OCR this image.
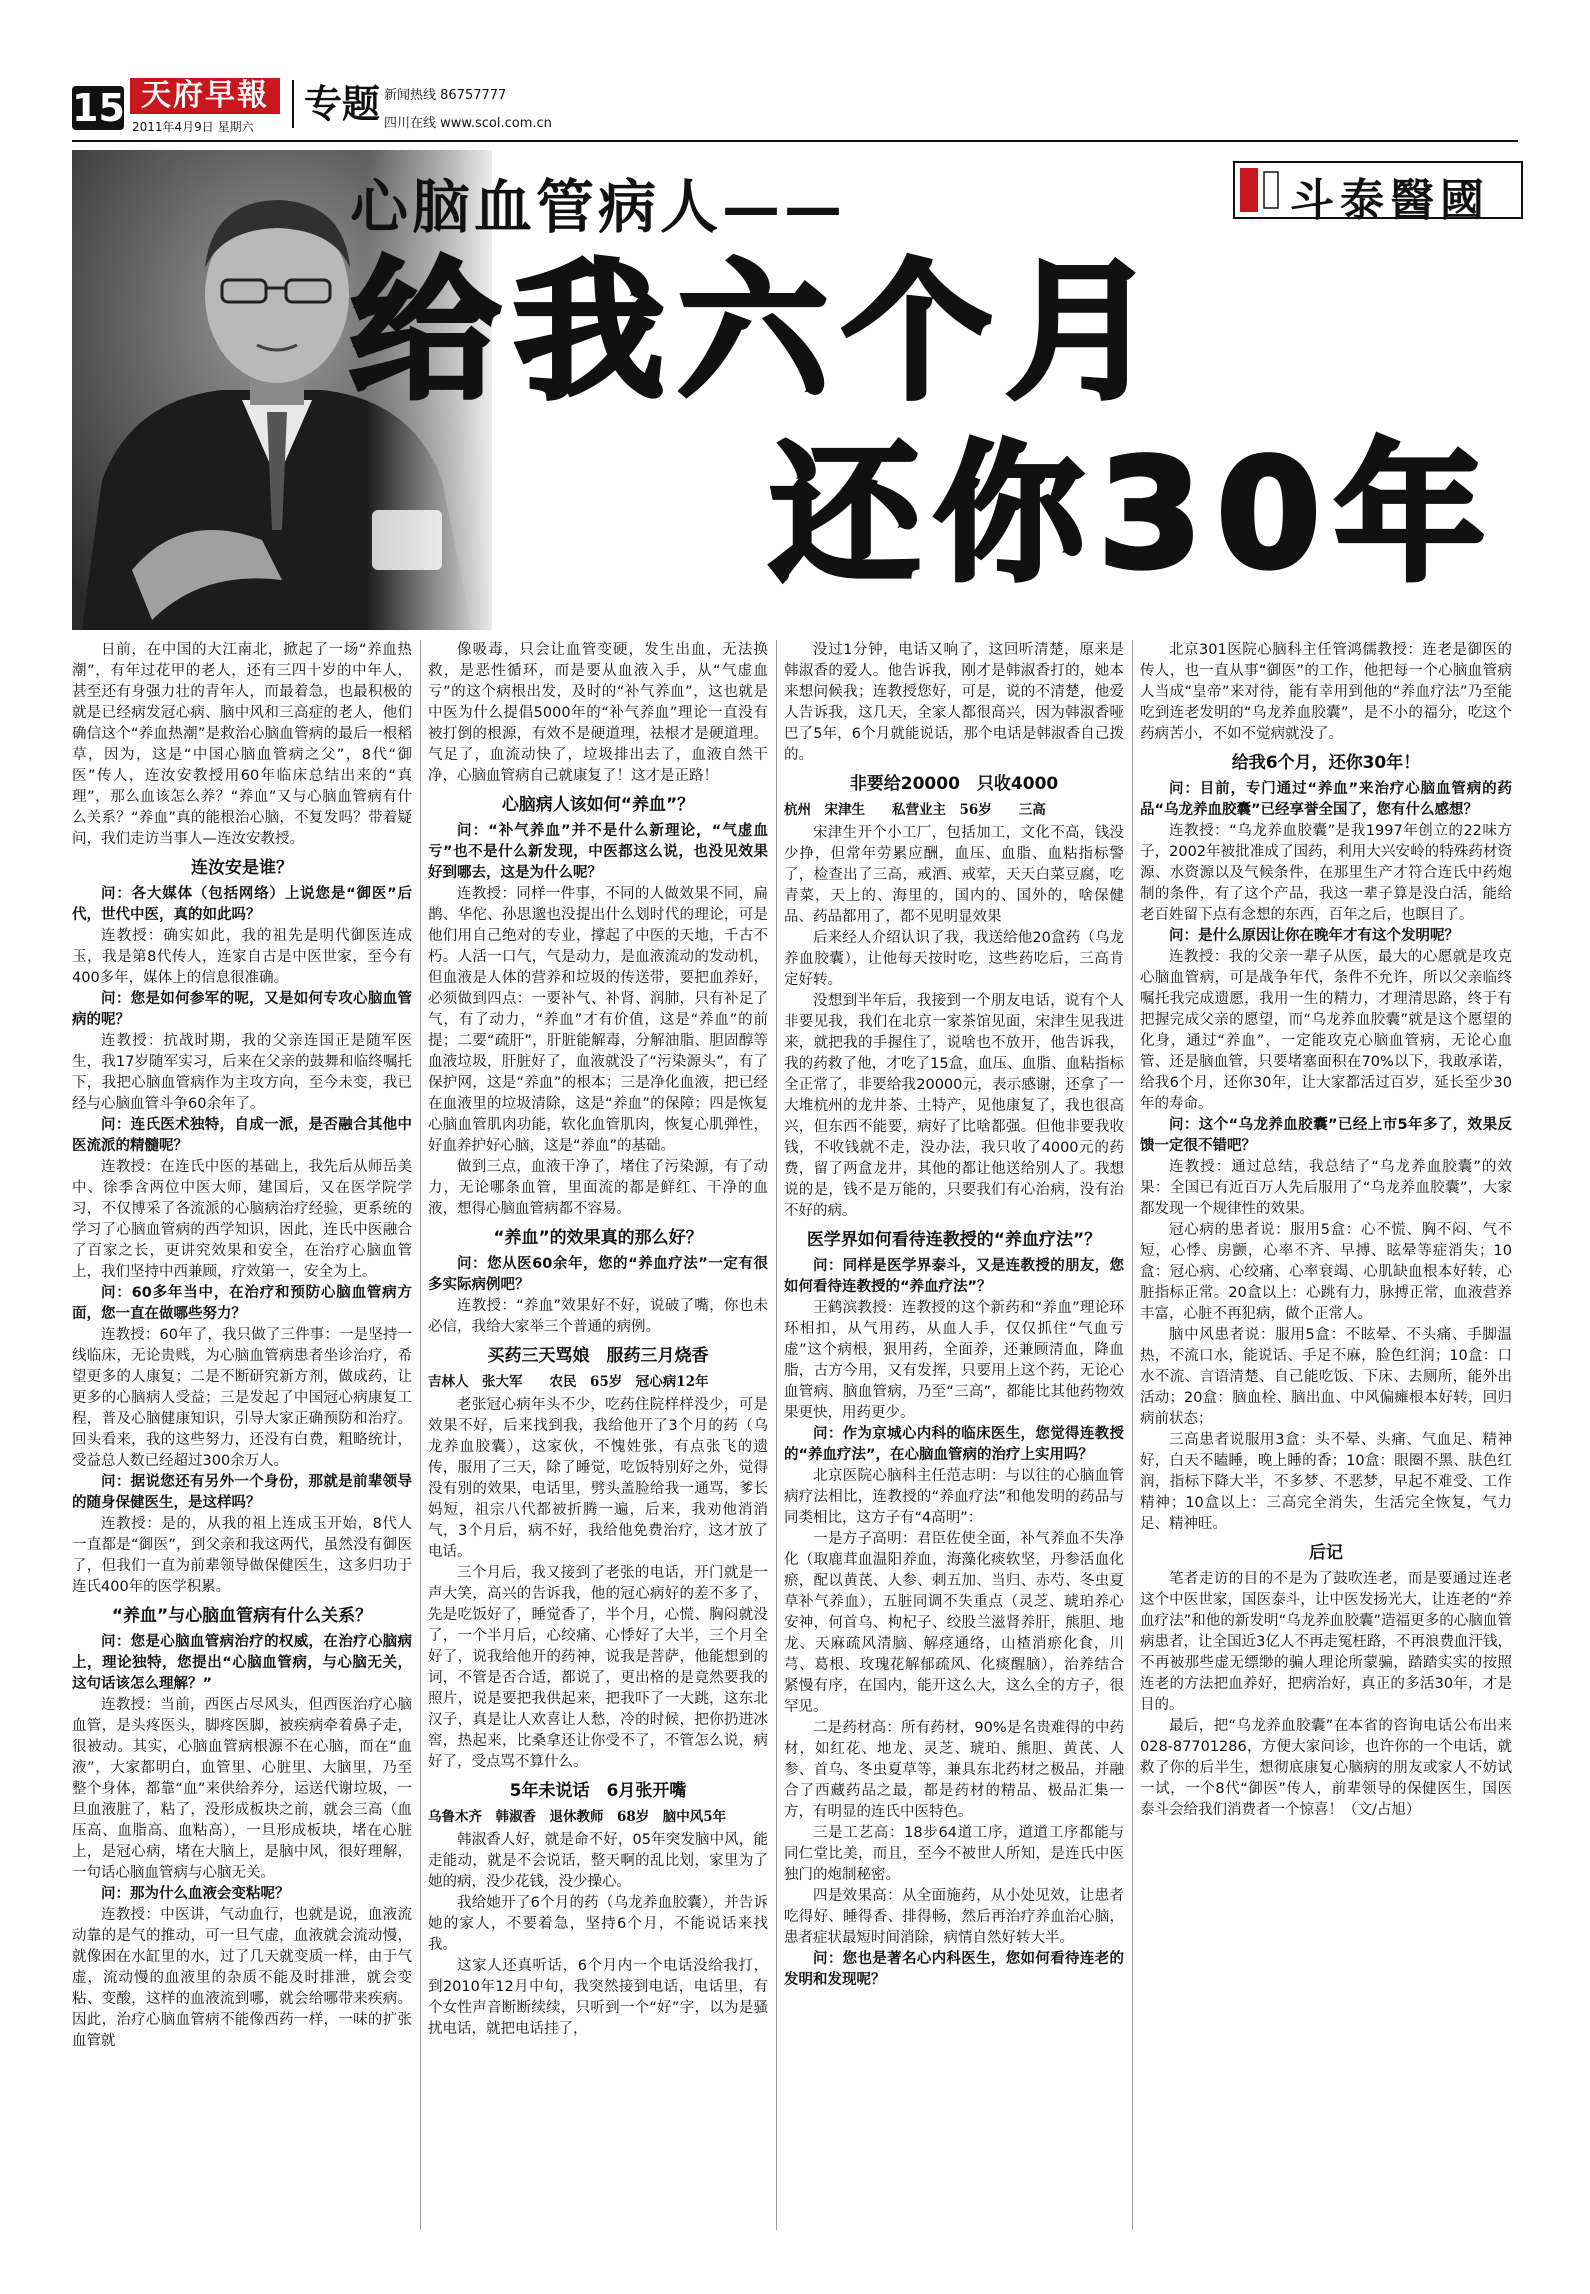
15 天府早報
2011年4月9日 星期六
专题 新闻热线 86757777
四川在线 www.scol.com.cn
心脑血管病人——
给我六个月
还你30年
斗泰醫國

日前，在中国的大江南北，掀起了一场“养血热潮”，有年过花甲的老人，还有三四十岁的中年人，甚至还有身强力壮的青年人，而最着急，也最积极的就是已经病发冠心病、脑中风和三高症的老人，他们确信这个“养血热潮”是救治心脑血管病的最后一根稻草，因为，这是“中国心脑血管病之父”，8代“御医”传人，连汝安教授用60年临床总结出来的“真理”，那么血该怎么养？“养血”又与心脑血管病有什么关系？“养血”真的能根治心脑，不复发吗？带着疑问，我们走访当事人—连汝安教授。

连汝安是谁？

问：各大媒体（包括网络）上说您是“御医”后代，世代中医，真的如此吗？

连教授：确实如此，我的祖先是明代御医连成玉，我是第8代传人，连家自古是中医世家，至今有400多年，媒体上的信息很准确。

问：您是如何参军的呢，又是如何专攻心脑血管病的呢？

连教授：抗战时期，我的父亲连国正是随军医生，我17岁随军实习，后来在父亲的鼓舞和临终嘱托下，我把心脑血管病作为主攻方向，至今未变，我已经与心脑血管斗争60余年了。

问：连氏医术独特，自成一派，是否融合其他中医流派的精髓呢？

连教授：在连氏中医的基础上，我先后从师岳美中、徐季含两位中医大师，建国后，又在医学院学习，不仅博采了各流派的心脑病治疗经验，更系统的学习了心脑血管病的西学知识，因此，连氏中医融合了百家之长，更讲究效果和安全，在治疗心脑血管上，我们坚持中西兼顾，疗效第一，安全为上。

问：60多年当中，在治疗和预防心脑血管病方面，您一直在做哪些努力？

连教授：60年了，我只做了三件事：一是坚持一线临床，无论贵贱，为心脑血管病患者坐诊治疗，希望更多的人康复；二是不断研究新方剂，做成药，让更多的心脑病人受益；三是发起了中国冠心病康复工程，普及心脑健康知识，引导大家正确预防和治疗。回头看来，我的这些努力，还没有白费，粗略统计，受益总人数已经超过300余万人。

问：据说您还有另外一个身份，那就是前辈领导的随身保健医生，是这样吗？

连教授：是的，从我的祖上连成玉开始，8代人一直都是“御医”，到父亲和我这两代，虽然没有御医了，但我们一直为前辈领导做保健医生，这多归功于连氏400年的医学积累。

“养血”与心脑血管病有什么关系？

问：您是心脑血管病治疗的权威，在治疗心脑病上，理论独特，您提出“心脑血管病，与心脑无关，这句话该怎么理解？”

连教授：当前，西医占尽风头，但西医治疗心脑血管，是头疼医头，脚疼医脚，被疾病牵着鼻子走，很被动。其实，心脑血管病根源不在心脑，而在“血液”，大家都明白，血管里、心脏里、大脑里，乃至整个身体，都靠“血”来供给养分，运送代谢垃圾，一旦血液脏了，粘了，没形成板块之前，就会三高（血压高、血脂高、血粘高），一旦形成板块，堵在心脏上，是冠心病，堵在大脑上，是脑中风，很好理解，一句话心脑血管病与心脑无关。

问：那为什么血液会变粘呢？

连教授：中医讲，气动血行，也就是说，血液流动靠的是气的推动，可一旦气虚，血液就会流动慢，就像困在水缸里的水，过了几天就变质一样，由于气虚，流动慢的血液里的杂质不能及时排泄，就会变粘、变酸，这样的血液流到哪，就会给哪带来疾病。因此，治疗心脑血管病不能像西药一样，一味的扩张血管就

像吸毒，只会让血管变硬，发生出血，无法换救，是恶性循环，而是要从血液入手，从“气虚血亏”的这个病根出发，及时的“补气养血”，这也就是中医为什么提倡5000年的“补气养血”理论一直没有被打倒的根源，有效不是硬道理，祛根才是硬道理。气足了，血流动快了，垃圾排出去了，血液自然干净，心脑血管病自己就康复了！这才是正路！

心脑病人该如何“养血”？

问：“补气养血”并不是什么新理论，“气虚血亏”也不是什么新发现，中医都这么说，也没见效果好到哪去，这是为什么呢？

连教授：同样一件事，不同的人做效果不同，扁鹊、华佗、孙思邈也没提出什么划时代的理论，可是他们用自己绝对的专业，撑起了中医的天地，千古不朽。人活一口气，气是动力，是血液流动的发动机，但血液是人体的营养和垃圾的传送带，要把血养好，必须做到四点：一要补气、补肾、润肺，只有补足了气，有了动力，“养血”才有价值，这是“养血”的前提；二要“疏肝”，肝脏能解毒，分解油脂、胆固醇等血液垃圾，肝脏好了，血液就没了“污染源头”，有了保护网，这是“养血”的根本；三是净化血液，把已经在血液里的垃圾清除，这是“养血”的保障；四是恢复心脑血管肌肉功能，软化血管肌肉，恢复心肌弹性，好血养护好心脑，这是“养血”的基础。

做到三点，血液干净了，堵住了污染源，有了动力，无论哪条血管，里面流的都是鲜红、干净的血液，想得心脑血管病都不容易。

“养血”的效果真的那么好？

问：您从医60余年，您的“养血疗法”一定有很多实际病例吧？

连教授：“养血”效果好不好，说破了嘴，你也未必信，我给大家举三个普通的病例。

买药三天骂娘　服药三月烧香

吉林人　张大军　　农民　65岁　冠心病12年

老张冠心病年头不少，吃药住院样样没少，可是效果不好，后来找到我，我给他开了3个月的药（乌龙养血胶囊），这家伙，不愧姓张，有点张飞的遗传，服用了三天，除了睡觉，吃饭特别好之外，觉得没有别的效果，电话里，劈头盖脸给我一通骂，爹长妈短，祖宗八代都被折腾一遍，后来，我劝他消消气，3个月后，病不好，我给他免费治疗，这才放了电话。

三个月后，我又接到了老张的电话，开门就是一声大笑，高兴的告诉我，他的冠心病好的差不多了，先是吃饭好了，睡觉香了，半个月，心慌、胸闷就没了，一个半月后，心绞痛、心悸好了大半，三个月全好了，说我给他开的药神，说我是菩萨，他能想到的词，不管是否合适，都说了，更出格的是竟然要我的照片，说是要把我供起来，把我吓了一大跳，这东北汉子，真是让人欢喜让人愁，冷的时候，把你扔进冰窖，热起来，比桑拿还让你受不了，不管怎么说，病好了，受点骂不算什么。

5年未说话　6月张开嘴

乌鲁木齐　韩淑香　退休教师　68岁　脑中风5年

韩淑香人好，就是命不好，05年突发脑中风，能走能动，就是不会说话，整天啊的乱比划，家里为了她的病，没少花钱，没少操心。

我给她开了6个月的药（乌龙养血胶囊），并告诉她的家人，不要着急，坚持6个月，不能说话来找我。

这家人还真听话，6个月内一个电话没给我打，到2010年12月中旬，我突然接到电话，电话里，有个女性声音断断续续，只听到一个“好”字，以为是骚扰电话，就把电话挂了，

没过1分钟，电话又响了，这回听清楚，原来是韩淑香的爱人。他告诉我，刚才是韩淑香打的，她本来想问候我；连教授您好，可是，说的不清楚，他爱人告诉我，这几天，全家人都很高兴，因为韩淑香哑巴了5年，6个月就能说话，那个电话是韩淑香自己拨的。

非要给20000　只收4000

杭州　宋津生　　私营业主　56岁　　三高

宋津生开个小工厂，包括加工，文化不高，钱没少挣，但常年劳累应酬，血压、血脂、血粘指标警了，检查出了三高，戒酒、戒荤，天天白菜豆腐，吃青菜，天上的、海里的，国内的、国外的，啥保健品、药品都用了，都不见明显效果

后来经人介绍认识了我，我送给他20盒药（乌龙养血胶囊），让他每天按时吃，这些药吃后，三高肯定好转。

没想到半年后，我接到一个朋友电话，说有个人非要见我，我们在北京一家茶馆见面，宋津生见我进来，就把我的手握住了，说啥也不放开，他告诉我，我的药救了他，才吃了15盒，血压、血脂、血粘指标全正常了，非要给我20000元，表示感谢，还拿了一大堆杭州的龙井茶、土特产，见他康复了，我也很高兴，但东西不能要，病好了比啥都强。但他非要我收钱，不收钱就不走，没办法，我只收了4000元的药费，留了两盒龙井，其他的都让他送给别人了。我想说的是，钱不是万能的，只要我们有心治病，没有治不好的病。

医学界如何看待连教授的“养血疗法”？

问：同样是医学界泰斗，又是连教授的朋友，您如何看待连教授的“养血疗法”？

王鹤滨教授：连教授的这个新药和“养血”理论环环相扣，从气用药，从血人手，仅仅抓住“气血亏虚”这个病根，狠用药，全面养，还兼顾清血，降血脂，古方今用，又有发挥，只要用上这个药，无论心血管病、脑血管病，乃至“三高”，都能比其他药物效果更快，用药更少。

问：作为京城心内科的临床医生，您觉得连教授的“养血疗法”，在心脑血管病的治疗上实用吗？

北京医院心脑科主任范志明：与以往的心脑血管病疗法相比，连教授的“养血疗法”和他发明的药品与同类相比，这方子有“4高明”：

一是方子高明：君臣佐使全面，补气养血不失净化（取鹿茸血温阳养血，海藻化痰软坚，丹参活血化瘀，配以黄芪、人参、刺五加、当归、赤芍、冬虫夏草补气养血），五脏同调不失重点（灵芝、琥珀养心安神，何首乌、枸杞子、绞股兰滋肾养肝，熊胆、地龙、天麻疏风清脑、解痉通络，山楂消瘀化食，川芎、葛根、玫瑰花解郁疏风、化痰醒脑），治养结合紧慢有序，在国内，能开这么大，这么全的方子，很罕见。

二是药材高：所有药材，90%是名贵难得的中药材，如红花、地龙、灵芝、琥珀、熊胆、黄芪、人参、首乌、冬虫夏草等，兼具东北药材之极品，并融合了西藏药品之最，都是药材的精品、极品汇集一方，有明显的连氏中医特色。

三是工艺高：18步64道工序，道道工序都能与同仁堂比美，而且，至今不被世人所知，是连氏中医独门的炮制秘密。

四是效果高：从全面施药，从小处见效，让患者吃得好、睡得香、排得畅，然后再治疗养血治心脑，患者症状最短时间消除，病情自然好转大半。

问：您也是著名心内科医生，您如何看待连老的发明和发现呢？

北京301医院心脑科主任管鸿儒教授：连老是御医的传人，也一直从事“御医”的工作，他把每一个心脑血管病人当成“皇帝”来对待，能有幸用到他的“养血疗法”乃至能吃到连老发明的“乌龙养血胶囊”，是不小的福分，吃这个药病苦小，不如不觉病就没了。

给我6个月，还你30年！

问：目前，专门通过“养血”来治疗心脑血管病的药品“乌龙养血胶囊”已经享誉全国了，您有什么感想？

连教授：“乌龙养血胶囊”是我1997年创立的22味方子，2002年被批准成了国药，利用大兴安岭的特殊药材资源、水资源以及气候条件，在那里生产才符合连氏中药炮制的条件，有了这个产品，我这一辈子算是没白活，能给老百姓留下点有念想的东西，百年之后，也瞑目了。

问：是什么原因让你在晚年才有这个发明呢？

连教授：我的父亲一辈子从医，最大的心愿就是攻克心脑血管病，可是战争年代，条件不允许，所以父亲临终嘱托我完成遗愿，我用一生的精力，才理清思路，终于有把握完成父亲的愿望，而“乌龙养血胶囊”就是这个愿望的化身，通过“养血”，一定能攻克心脑血管病，无论心血管、还是脑血管，只要堵塞面积在70%以下，我敢承诺，给我6个月，还你30年，让大家都活过百岁，延长至少30年的寿命。

问：这个“乌龙养血胶囊”已经上市5年多了，效果反馈一定很不错吧？

连教授：通过总结，我总结了“乌龙养血胶囊”的效果：全国已有近百万人先后服用了“乌龙养血胶囊”，大家都发现一个规律性的效果。

冠心病的患者说：服用5盒：心不慌、胸不闷、气不短，心悸、房颤，心率不齐、早搏、眩晕等症消失；10盒：冠心病、心绞痛、心率衰竭、心肌缺血根本好转，心脏指标正常。20盒以上：心跳有力，脉搏正常，血液营养丰富，心脏不再犯病，做个正常人。

脑中风患者说：服用5盒：不眩晕、不头痛、手脚温热，不流口水，能说话、手足不麻，脸色红润；10盒：口水不流、言语清楚、自己能吃饭、下床、去厕所，能外出活动；20盒：脑血栓、脑出血、中风偏瘫根本好转，回归病前状态；

三高患者说服用3盒：头不晕、头痛、气血足、精神好，白天不瞌睡，晚上睡的香；10盒：眼圈不黑、肤色红润，指标下降大半，不多梦、不恶梦，早起不难受、工作精神；10盒以上：三高完全消失，生活完全恢复，气力足、精神旺。

后记

笔者走访的目的不是为了鼓吹连老，而是要通过连老这个中医世家，国医泰斗，让中医发扬光大，让连老的“养血疗法”和他的新发明“乌龙养血胶囊”造福更多的心脑血管病患者，让全国近3亿人不再走冤枉路，不再浪费血汗钱，不再被那些虚无缥缈的骗人理论所蒙骗，踏踏实实的按照连老的方法把血养好，把病治好，真正的多活30年，才是目的。

最后，把“乌龙养血胶囊”在本省的咨询电话公布出来028-87701286，方便大家问诊，也许你的一个电话，就救了你的后半生，想彻底康复心脑病的朋友或家人不妨试一试，一个8代“御医”传人，前辈领导的保健医生，国医泰斗会给我们消费者一个惊喜！（文/占旭）
